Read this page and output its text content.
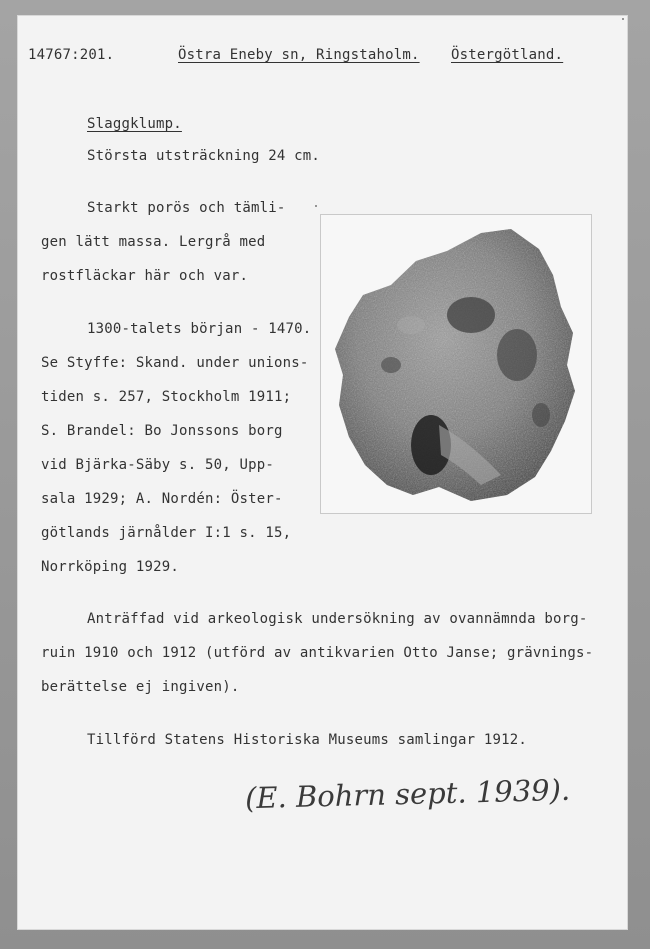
14767:201.	Östra Eneby sn, Ringstaholm. Östergötland.
Slaggklump.
Största utsträckning 24 cm.
Starkt porös och tämli-
gen lätt massa. Lergrå med
rostfläckar här och var.
1300-talets början - 1470.
Se Styffe: Skand. under unions-
tiden s. 257, Stockholm 1911;
S. Brandel: Bo Jonssons borg
vid Bjärka-Säby s. 50, Upp-
sala 1929; A. Nordén: Öster-
götlands järnålder I:1 s. 15,
Norrköping 1929.
Anträffad vid arkeologisk undersökning av ovannämnda borg-
ruin 1910 och 1912 (utförd av antikvarien Otto Janse; grävnings-
berättelse ej ingiven).
Tillförd Statens Historiska Museums samlingar 1912.
(E. Bohrn sept. 1939).
